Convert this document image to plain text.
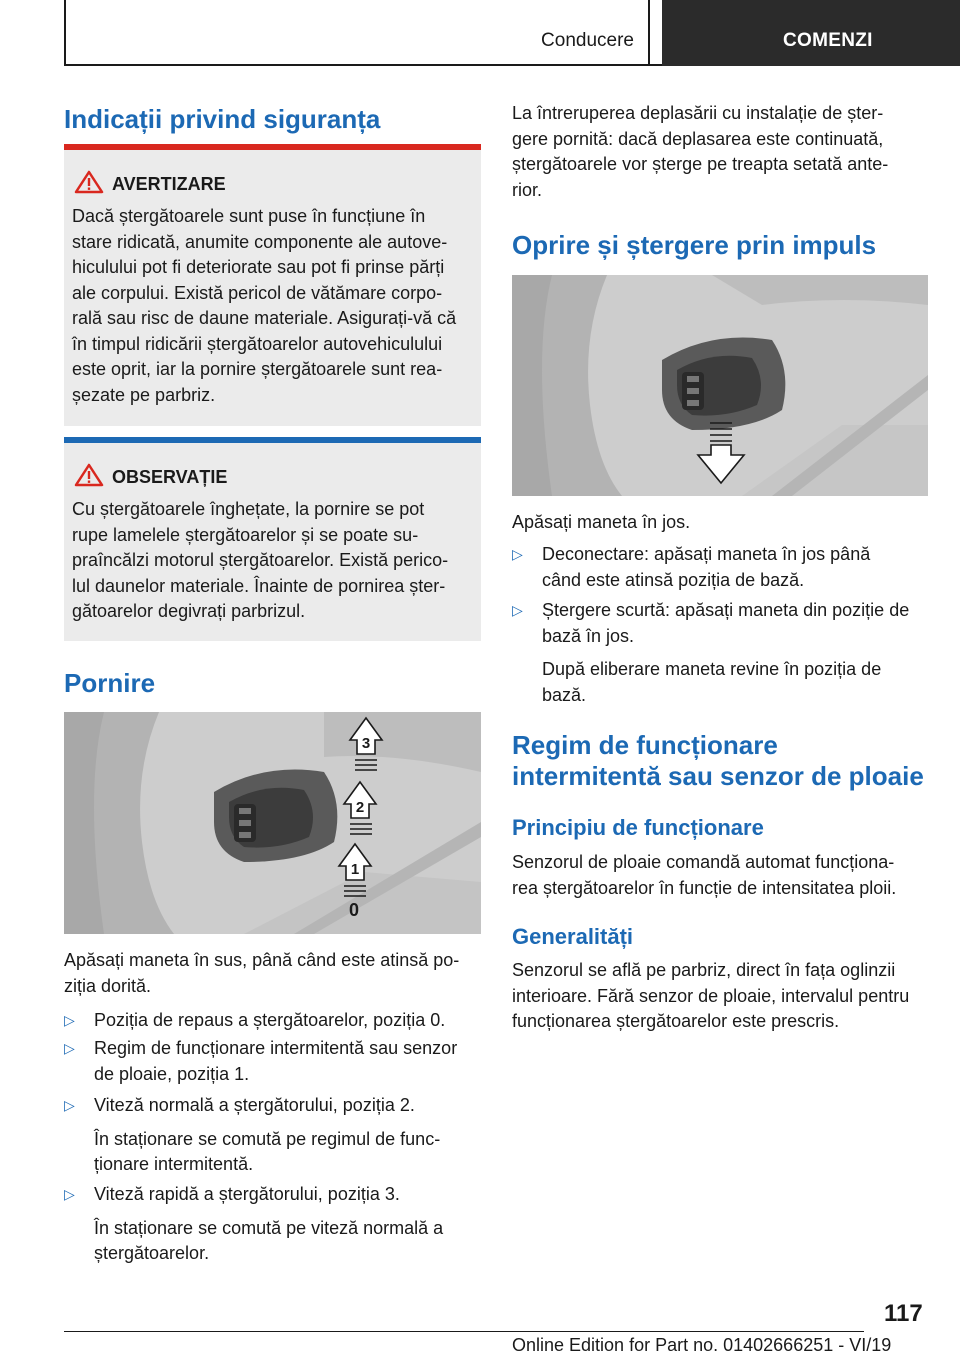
Conducere	COMENZI
Indicații privind siguranța
AVERTIZARE
Dacă ștergătoarele sunt puse în funcțiune în
stare ridicată, anumite componente ale autove-
hiculului pot fi deteriorate sau pot fi prinse părți
ale corpului. Există pericol de vătămare corpo-
rală sau risc de daune materiale. Asigurați-vă că
în timpul ridicării ștergătoarelor autovehiculului
este oprit, iar la pornire ștergătoarele sunt rea-
șezate pe parbriz.
OBSERVAȚIE
Cu ștergătoarele înghețate, la pornire se pot
rupe lamelele ștergătoarelor și se poate su-
praîncălzi motorul ștergătoarelor. Există perico-
lul daunelor materiale. Înainte de pornirea șter-
gătoarelor degivrați parbrizul.
Pornire
3
2
1
0
Apăsați maneta în sus, până când este atinsă po-
ziția dorită.
▷ Poziția de repaus a ștergătoarelor, poziția 0.
▷ Regim de funcționare intermitentă sau senzor
de ploaie, poziția 1.
▷ Viteză normală a ștergătorului, poziția 2.
În staționare se comută pe regimul de func-
ționare intermitentă.
▷ Viteză rapidă a ștergătorului, poziția 3.
În staționare se comută pe viteză normală a
ștergătoarelor.
La întreruperea deplasării cu instalație de șter-
gere pornită: dacă deplasarea este continuată,
ștergătoarele vor șterge pe treapta setată ante-
rior.
Oprire și ștergere prin impuls
Apăsați maneta în jos.
▷ Deconectare: apăsați maneta în jos până
când este atinsă poziția de bază.
▷ Ștergere scurtă: apăsați maneta din poziție de
bază în jos.
După eliberare maneta revine în poziția de
bază.
Regim de funcționare
intermitentă sau senzor de ploaie
Principiu de funcționare
Senzorul de ploaie comandă automat funcționa-
rea ștergătoarelor în funcție de intensitatea ploii.
Generalități
Senzorul se află pe parbriz, direct în fața oglinzii
interioare. Fără senzor de ploaie, intervalul pentru
funcționarea ștergătoarelor este prescris.
117
Online Edition for Part no. 01402666251 - VI/19
